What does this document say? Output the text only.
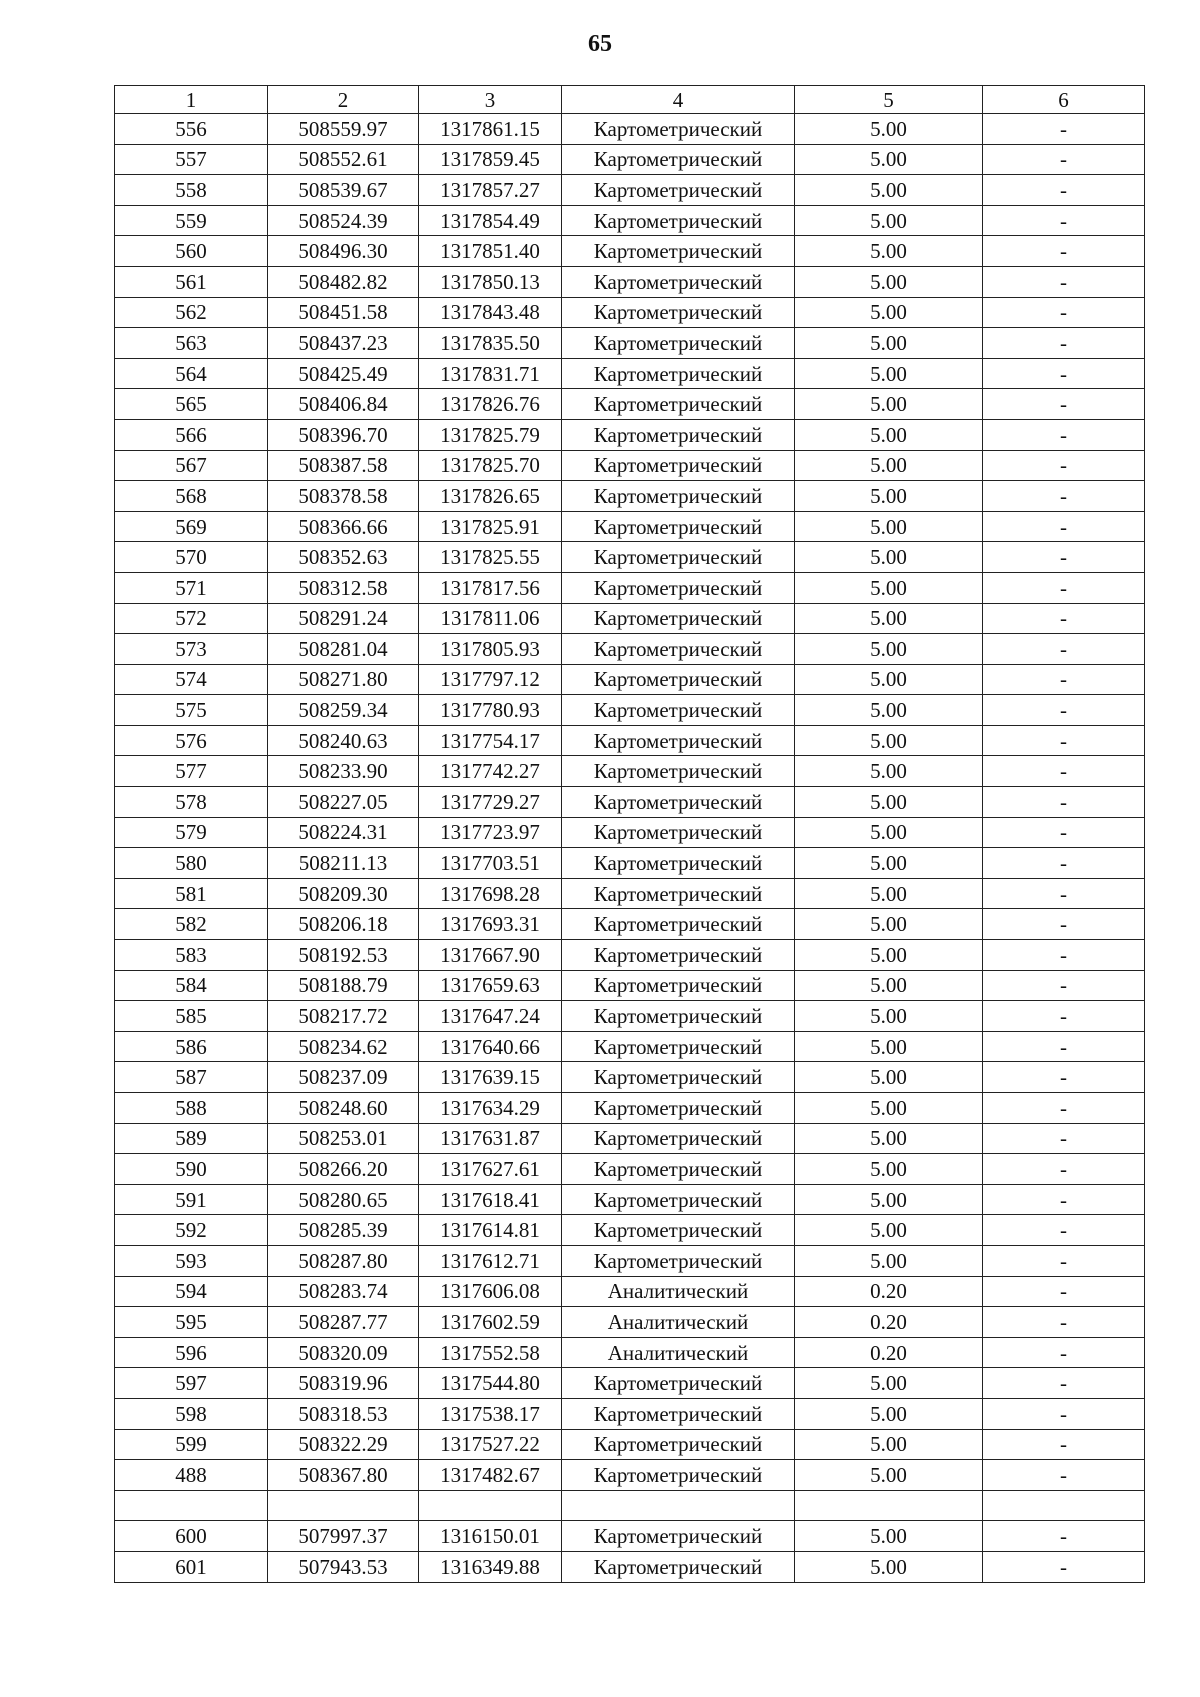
65
1	2	3	4	5	6
556	508559.97	1317861.15	Картометрический	5.00	-
557	508552.61	1317859.45	Картометрический	5.00	-
558	508539.67	1317857.27	Картометрический	5.00	-
559	508524.39	1317854.49	Картометрический	5.00	-
560	508496.30	1317851.40	Картометрический	5.00	-
561	508482.82	1317850.13	Картометрический	5.00	-
562	508451.58	1317843.48	Картометрический	5.00	-
563	508437.23	1317835.50	Картометрический	5.00	-
564	508425.49	1317831.71	Картометрический	5.00	-
565	508406.84	1317826.76	Картометрический	5.00	-
566	508396.70	1317825.79	Картометрический	5.00	-
567	508387.58	1317825.70	Картометрический	5.00	-
568	508378.58	1317826.65	Картометрический	5.00	-
569	508366.66	1317825.91	Картометрический	5.00	-
570	508352.63	1317825.55	Картометрический	5.00	-
571	508312.58	1317817.56	Картометрический	5.00	-
572	508291.24	1317811.06	Картометрический	5.00	-
573	508281.04	1317805.93	Картометрический	5.00	-
574	508271.80	1317797.12	Картометрический	5.00	-
575	508259.34	1317780.93	Картометрический	5.00	-
576	508240.63	1317754.17	Картометрический	5.00	-
577	508233.90	1317742.27	Картометрический	5.00	-
578	508227.05	1317729.27	Картометрический	5.00	-
579	508224.31	1317723.97	Картометрический	5.00	-
580	508211.13	1317703.51	Картометрический	5.00	-
581	508209.30	1317698.28	Картометрический	5.00	-
582	508206.18	1317693.31	Картометрический	5.00	-
583	508192.53	1317667.90	Картометрический	5.00	-
584	508188.79	1317659.63	Картометрический	5.00	-
585	508217.72	1317647.24	Картометрический	5.00	-
586	508234.62	1317640.66	Картометрический	5.00	-
587	508237.09	1317639.15	Картометрический	5.00	-
588	508248.60	1317634.29	Картометрический	5.00	-
589	508253.01	1317631.87	Картометрический	5.00	-
590	508266.20	1317627.61	Картометрический	5.00	-
591	508280.65	1317618.41	Картометрический	5.00	-
592	508285.39	1317614.81	Картометрический	5.00	-
593	508287.80	1317612.71	Картометрический	5.00	-
594	508283.74	1317606.08	Аналитический	0.20	-
595	508287.77	1317602.59	Аналитический	0.20	-
596	508320.09	1317552.58	Аналитический	0.20	-
597	508319.96	1317544.80	Картометрический	5.00	-
598	508318.53	1317538.17	Картометрический	5.00	-
599	508322.29	1317527.22	Картометрический	5.00	-
488	508367.80	1317482.67	Картометрический	5.00	-

600	507997.37	1316150.01	Картометрический	5.00	-
601	507943.53	1316349.88	Картометрический	5.00	-
